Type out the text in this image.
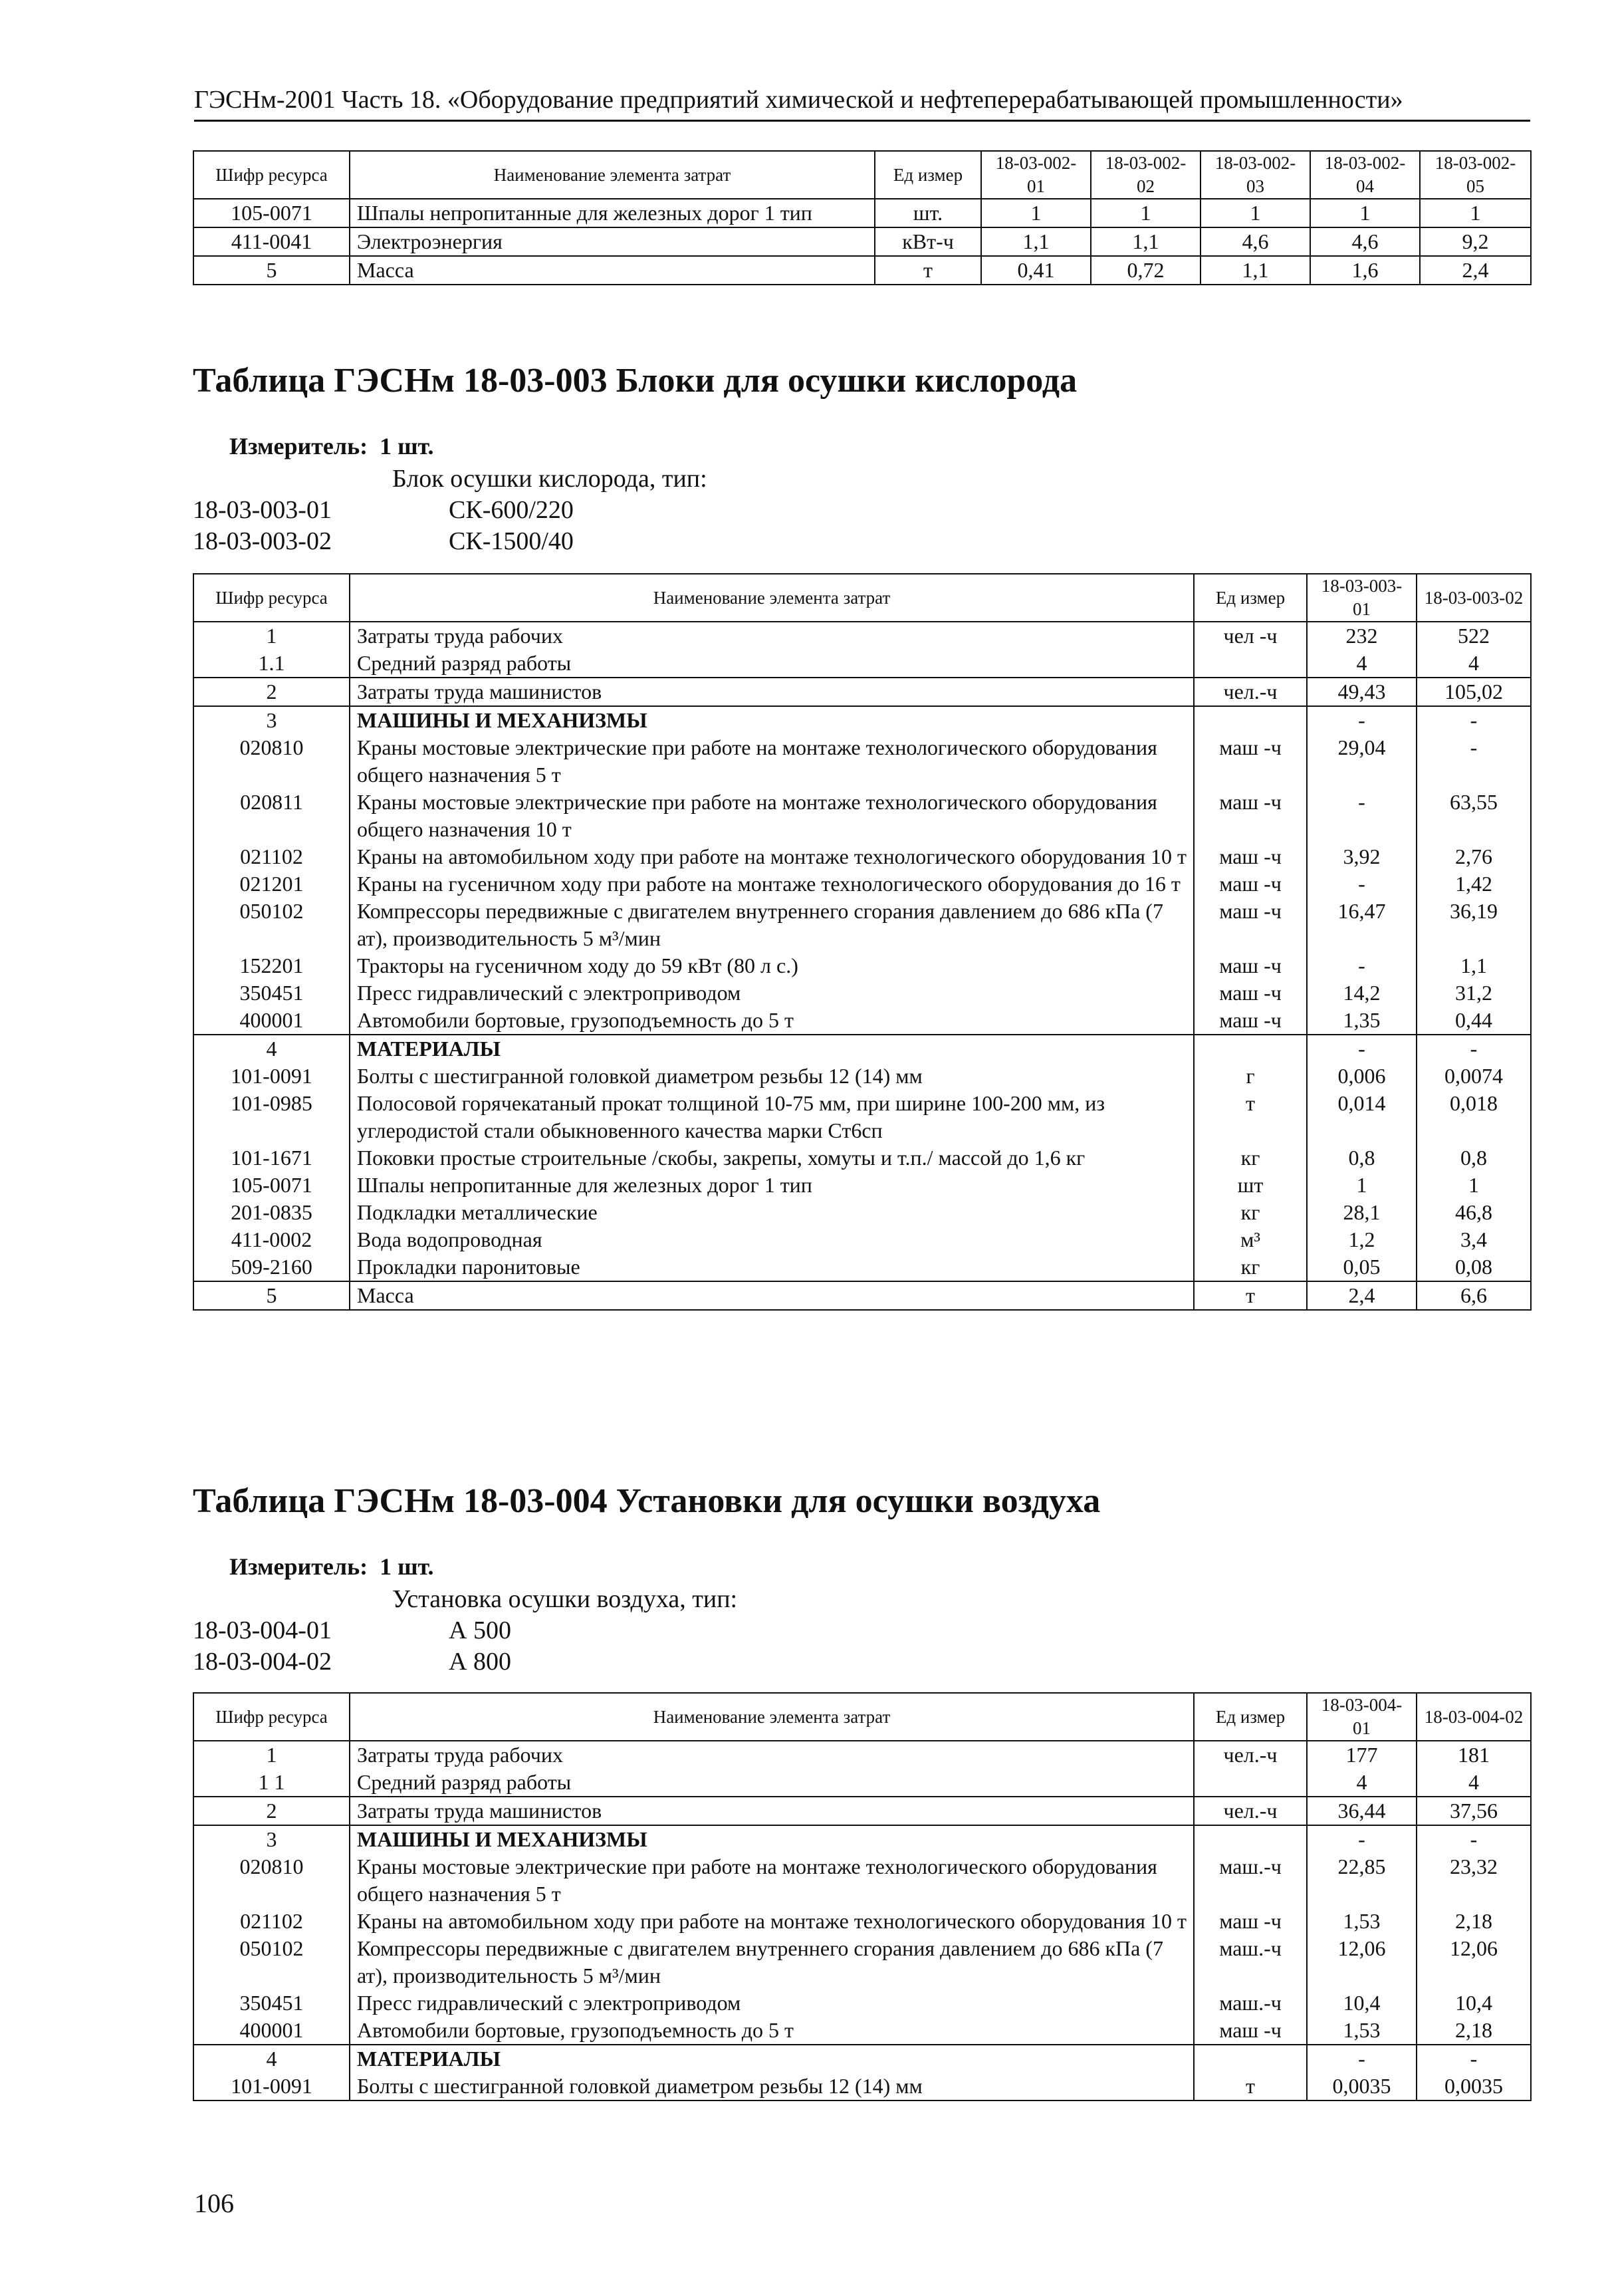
ГЭСНм-2001 Часть 18. «Оборудование предприятий химической и нефтеперерабатывающей промышленности»
Шифр ресурса	Наименование элемента затрат	Ед измер	18-03-002-01	18-03-002-02	18-03-002-03	18-03-002-04	18-03-002-05
105-0071	Шпалы непропитанные для железных дорог 1 тип	шт.	1	1	1	1	1
411-0041	Электроэнергия	кВт-ч	1,1	1,1	4,6	4,6	9,2
5	Масса	т	0,41	0,72	1,1	1,6	2,4
Таблица ГЭСНм 18-03-003 Блоки для осушки кислорода
Измеритель: 1 шт.
Блок осушки кислорода, тип:
18-03-003-01	СК-600/220
18-03-003-02	СК-1500/40
Шифр ресурса	Наименование элемента затрат	Ед измер	18-03-003-01	18-03-003-02
1	Затраты труда рабочих	чел -ч	232	522
1.1	Средний разряд работы		4	4
2	Затраты труда машинистов	чел.-ч	49,43	105,02
3	МАШИНЫ И МЕХАНИЗМЫ		-	-
020810	Краны мостовые электрические при работе на монтаже технологического оборудования общего назначения 5 т	маш -ч	29,04	-
020811	Краны мостовые электрические при работе на монтаже технологического оборудования общего назначения 10 т	маш -ч	-	63,55
021102	Краны на автомобильном ходу при работе на монтаже технологического оборудования 10 т	маш -ч	3,92	2,76
021201	Краны на гусеничном ходу при работе на монтаже технологического оборудования до 16 т	маш -ч	-	1,42
050102	Компрессоры передвижные с двигателем внутреннего сгорания давлением до 686 кПа (7 ат), производительность 5 м³/мин	маш -ч	16,47	36,19
152201	Тракторы на гусеничном ходу до 59 кВт (80 л с.)	маш -ч	-	1,1
350451	Пресс гидравлический с электроприводом	маш -ч	14,2	31,2
400001	Автомобили бортовые, грузоподъемность до 5 т	маш -ч	1,35	0,44
4	МАТЕРИАЛЫ		-	-
101-0091	Болты с шестигранной головкой диаметром резьбы 12 (14) мм	г	0,006	0,0074
101-0985	Полосовой горячекатаный прокат толщиной 10-75 мм, при ширине 100-200 мм, из углеродистой стали обыкновенного качества марки Ст6сп	т	0,014	0,018
101-1671	Поковки простые строительные /скобы, закрепы, хомуты и т.п./ массой до 1,6 кг	кг	0,8	0,8
105-0071	Шпалы непропитанные для железных дорог 1 тип	шт	1	1
201-0835	Подкладки металлические	кг	28,1	46,8
411-0002	Вода водопроводная	м³	1,2	3,4
509-2160	Прокладки паронитовые	кг	0,05	0,08
5	Масса	т	2,4	6,6
Таблица ГЭСНм 18-03-004 Установки для осушки воздуха
Измеритель: 1 шт.
Установка осушки воздуха, тип:
18-03-004-01	А 500
18-03-004-02	А 800
Шифр ресурса	Наименование элемента затрат	Ед измер	18-03-004-01	18-03-004-02
1	Затраты труда рабочих	чел.-ч	177	181
1 1	Средний разряд работы		4	4
2	Затраты труда машинистов	чел.-ч	36,44	37,56
3	МАШИНЫ И МЕХАНИЗМЫ		-	-
020810	Краны мостовые электрические при работе на монтаже технологического оборудования общего назначения 5 т	маш.-ч	22,85	23,32
021102	Краны на автомобильном ходу при работе на монтаже технологического оборудования 10 т	маш -ч	1,53	2,18
050102	Компрессоры передвижные с двигателем внутреннего сгорания давлением до 686 кПа (7 ат), производительность 5 м³/мин	маш.-ч	12,06	12,06
350451	Пресс гидравлический с электроприводом	маш.-ч	10,4	10,4
400001	Автомобили бортовые, грузоподъемность до 5 т	маш -ч	1,53	2,18
4	МАТЕРИАЛЫ		-	-
101-0091	Болты с шестигранной головкой диаметром резьбы 12 (14) мм	т	0,0035	0,0035
106
